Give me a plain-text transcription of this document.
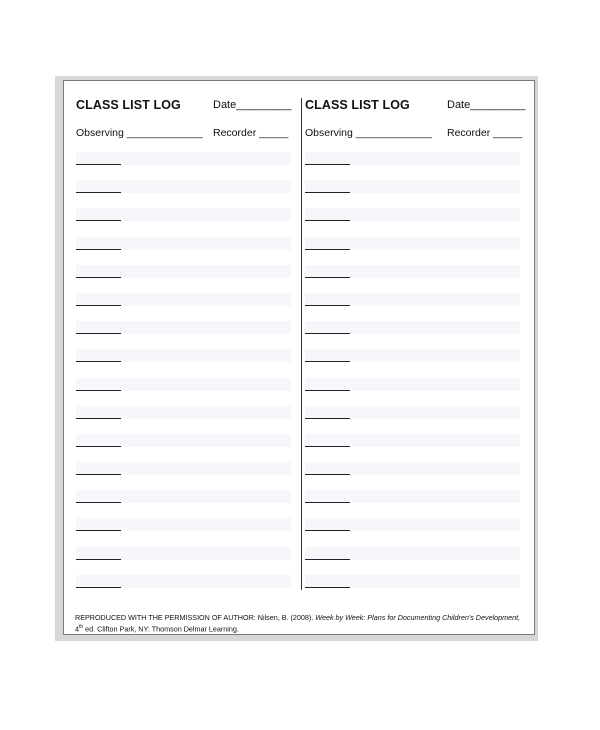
CLASS LIST LOG	Date_________
Observing _____________ Recorder _____
CLASS LIST LOG	Date_________
Observing _____________ Recorder _____
REPRODUCED WITH THE PERMISSION OF AUTHOR: Nilsen, B. (2008). Week by Week: Plans for Documenting Children's Development,
4th ed. Clifton Park, NY: Thomson Delmar Learning.
